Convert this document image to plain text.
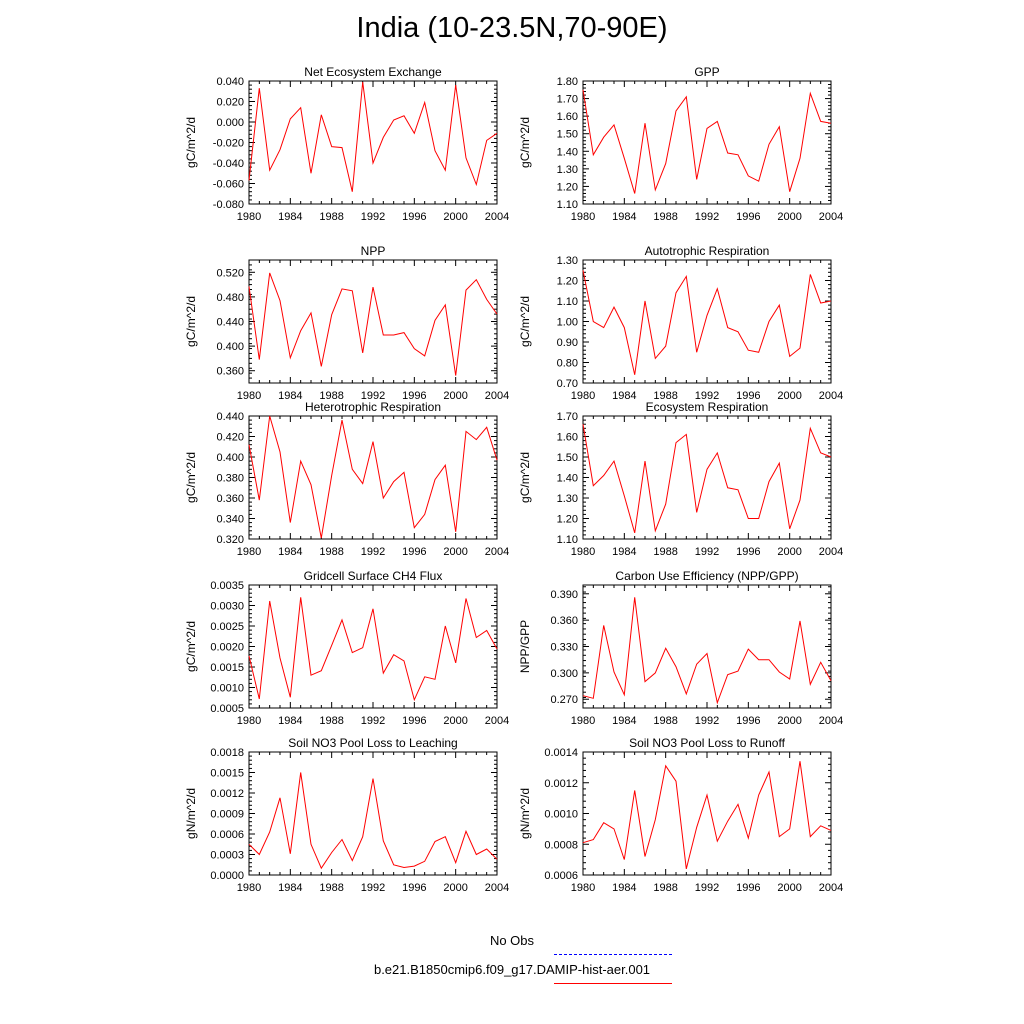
India (10-23.5N,70-90E)
Net Ecosystem Exchange
gC/m^2/d
1980 1984 1988 1992 1996 2000 2004
-0.080
-0.060
-0.040
-0.020
0.000
0.020
0.040
GPP
gC/m^2/d
1980 1984 1988 1992 1996 2000 2004
1.10
1.20
1.30
1.40
1.50
1.60
1.70
1.80
NPP
gC/m^2/d
1980 1984 1988 1992 1996 2000 2004
0.360
0.400
0.440
0.480
0.520
Autotrophic Respiration
gC/m^2/d
1980 1984 1988 1992 1996 2000 2004
0.70
0.80
0.90
1.00
1.10
1.20
1.30
Heterotrophic Respiration
gC/m^2/d
1980 1984 1988 1992 1996 2000 2004
0.320
0.340
0.360
0.380
0.400
0.420
0.440
Ecosystem Respiration
gC/m^2/d
1980 1984 1988 1992 1996 2000 2004
1.10
1.20
1.30
1.40
1.50
1.60
1.70
Gridcell Surface CH4 Flux
gC/m^2/d
1980 1984 1988 1992 1996 2000 2004
0.0005
0.0010
0.0015
0.0020
0.0025
0.0030
0.0035
Carbon Use Efficiency (NPP/GPP)
NPP/GPP
1980 1984 1988 1992 1996 2000 2004
0.270
0.300
0.330
0.360
0.390
Soil NO3 Pool Loss to Leaching
gN/m^2/d
1980 1984 1988 1992 1996 2000 2004
0.0000
0.0003
0.0006
0.0009
0.0012
0.0015
0.0018
Soil NO3 Pool Loss to Runoff
gN/m^2/d
1980 1984 1988 1992 1996 2000 2004
0.0006
0.0008
0.0010
0.0012
0.0014
No Obs
b.e21.B1850cmip6.f09_g17.DAMIP-hist-aer.001
